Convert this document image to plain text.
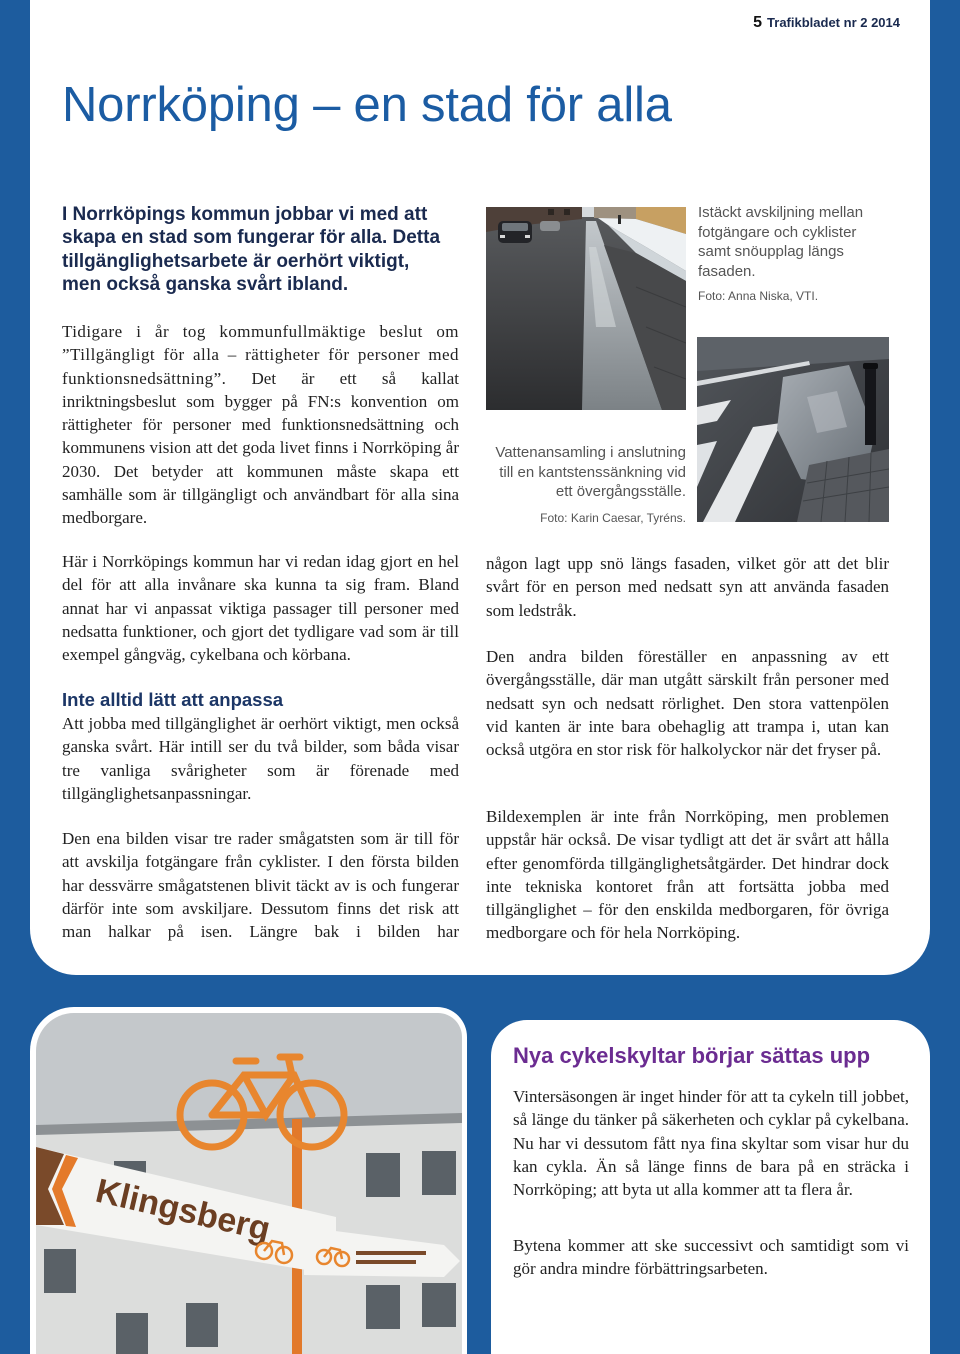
5 Trafikbladet nr 2 2014
Norrköping – en stad för alla

I Norrköpings kommun jobbar vi med att skapa en stad som fungerar för alla. Detta tillgänglighetsarbete är oerhört viktigt, men också ganska svårt ibland.

Tidigare i år tog kommunfullmäktige beslut om ”Tillgängligt för alla – rättigheter för personer med funktionsnedsättning”. Det är ett så kallat inriktningsbeslut som bygger på FN:s konvention om rättigheter för personer med funktionsnedsättning och kommunens vision att det goda livet finns i Norrköping år 2030. Det betyder att kommunen måste skapa ett samhälle som är tillgängligt och användbart för alla sina medborgare.

Här i Norrköpings kommun har vi redan idag gjort en hel del för att alla invånare ska kunna ta sig fram. Bland annat har vi anpassat viktiga passager till personer med nedsatta funktioner, och gjort det tydligare vad som är till exempel gångväg, cykelbana och körbana.

Inte alltid lätt att anpassa

Att jobba med tillgänglighet är oerhört viktigt, men också ganska svårt. Här intill ser du två bilder, som båda visar tre vanliga svårigheter som är förenade med tillgänglighetsanpassningar.

Den ena bilden visar tre rader smågatsten som är till för att avskilja fotgängare från cyklister. I den första bilden har dessvärre smågatstenen blivit täckt av is och fungerar därför inte som avskiljare. Dessutom finns det risk att man halkar på isen. Längre bak i bilden har

någon lagt upp snö längs fasaden, vilket gör att det blir svårt för en person med nedsatt syn att använda fasaden som ledstråk.

Den andra bilden föreställer en anpassning av ett övergångsställe, där man utgått särskilt från personer med nedsatt syn och nedsatt rörlighet. Den stora vattenpölen vid kanten är inte bara obehaglig att trampa i, utan kan också utgöra en stor risk för halkolyckor när det fryser på.

Bildexemplen är inte från Norrköping, men problemen uppstår här också. De visar tydligt att det är svårt att hålla efter genomförda tillgänglighetsåtgärder. Det hindrar dock inte tekniska kontoret från att fortsätta jobba med tillgänglighet – för den enskilda medborgaren, för övriga medborgare och för hela Norrköping.

Istäckt avskiljning mellan fotgängare och cyklister samt snöupplag längs fasaden.

Foto: Anna Niska, VTI.

Vattenansamling i anslutning till en kantstenssänkning vid ett övergångsställe.

Foto: Karin Caesar, Tyréns.

Klingsberg
Nya cykelskyltar börjar sättas upp

Vintersäsongen är inget hinder för att ta cykeln till jobbet, så länge du tänker på säkerheten och cyklar på cykelbana. Nu har vi dessutom fått nya fina skyltar som visar hur du kan cykla. Än så länge finns de bara på en sträcka i Norrköping; att byta ut alla kommer att ta flera år.

Bytena kommer att ske successivt och samtidigt som vi gör andra mindre förbättringsarbeten.
